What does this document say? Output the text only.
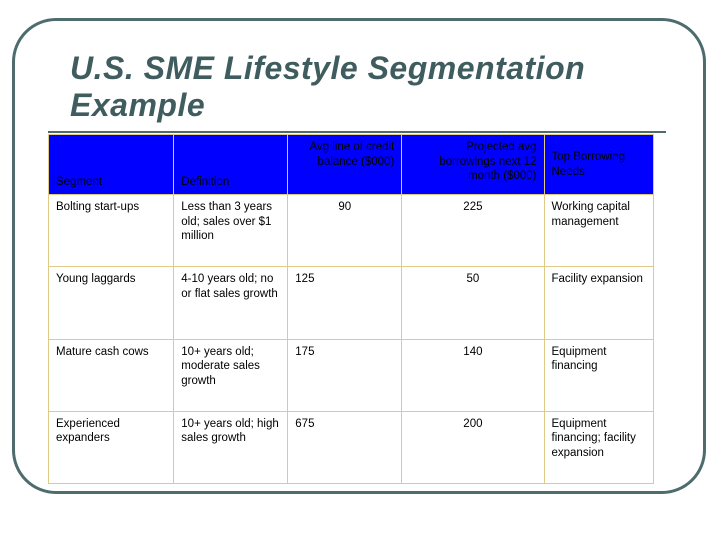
U.S. SME Lifestyle Segmentation Example
Segment	Definition	Avg line of credit balance ($000)	Projected avg borrowings next 12 month ($000)	Top Borrowing Needs
Bolting start-ups	Less than 3 years old; sales over $1 million	90	225	Working capital management
Young laggards	4-10 years old; no or flat sales growth	125	50	Facility expansion
Mature cash cows	10+ years old; moderate sales growth	175	140	Equipment financing
Experienced expanders	10+ years old; high sales growth	675	200	Equipment financing; facility expansion
